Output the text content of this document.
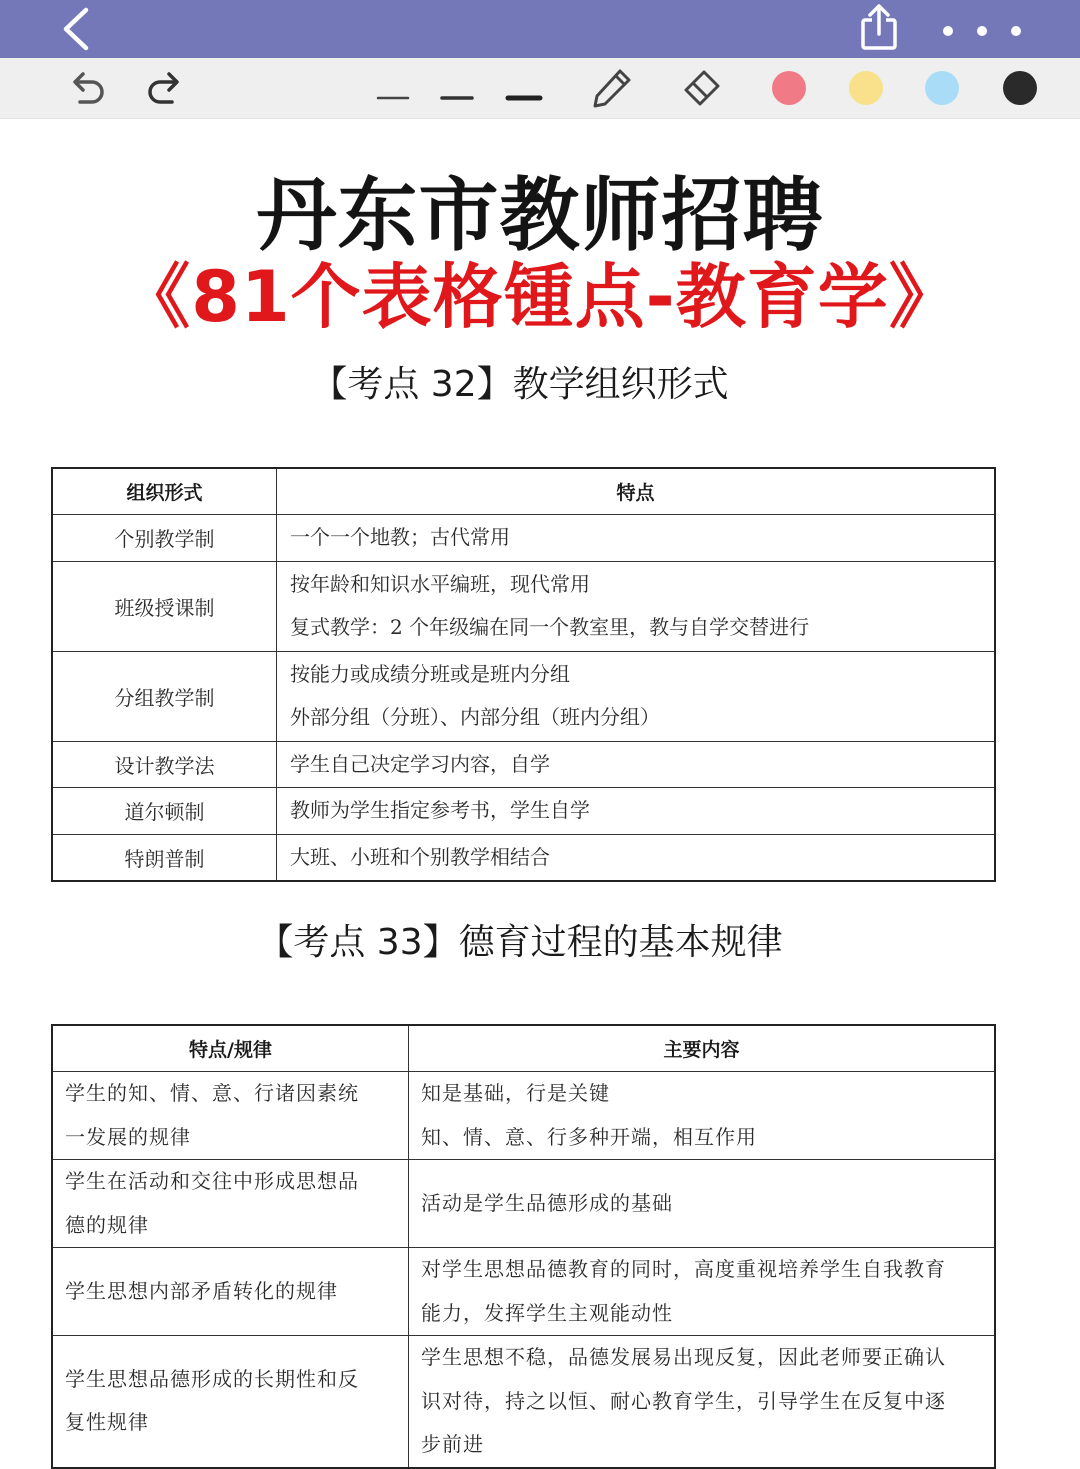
丹东市教师招聘
《81个表格锺点-教育学》
【考点 32】教学组织形式
组织形式	特点
个别教学制	一个一个地教；古代常用

班级授课制	按年龄和知识水平编班，现代常用
复式教学：2 个年级编在同一个教室里，教与自学交替进行

分组教学制	按能力或成绩分班或是班内分组
外部分组（分班）、内部分组（班内分组）

设计教学法	学生自己决定学习内容，自学

道尔顿制	教师为学生指定参考书，学生自学

特朗普制	大班、小班和个别教学相结合
【考点 33】德育过程的基本规律
特点/规律	主要内容

学生的知、情、意、行诸因素统
一发展的规律	知是基础，行是关键
知、情、意、行多种开端，相互作用

学生在活动和交往中形成思想品
德的规律	活动是学生品德形成的基础

学生思想内部矛盾转化的规律	对学生思想品德教育的同时，高度重视培养学生自我教育
能力，发挥学生主观能动性

学生思想品德形成的长期性和反
复性规律	学生思想不稳，品德发展易出现反复，因此老师要正确认
识对待，持之以恒、耐心教育学生，引导学生在反复中逐
步前进
